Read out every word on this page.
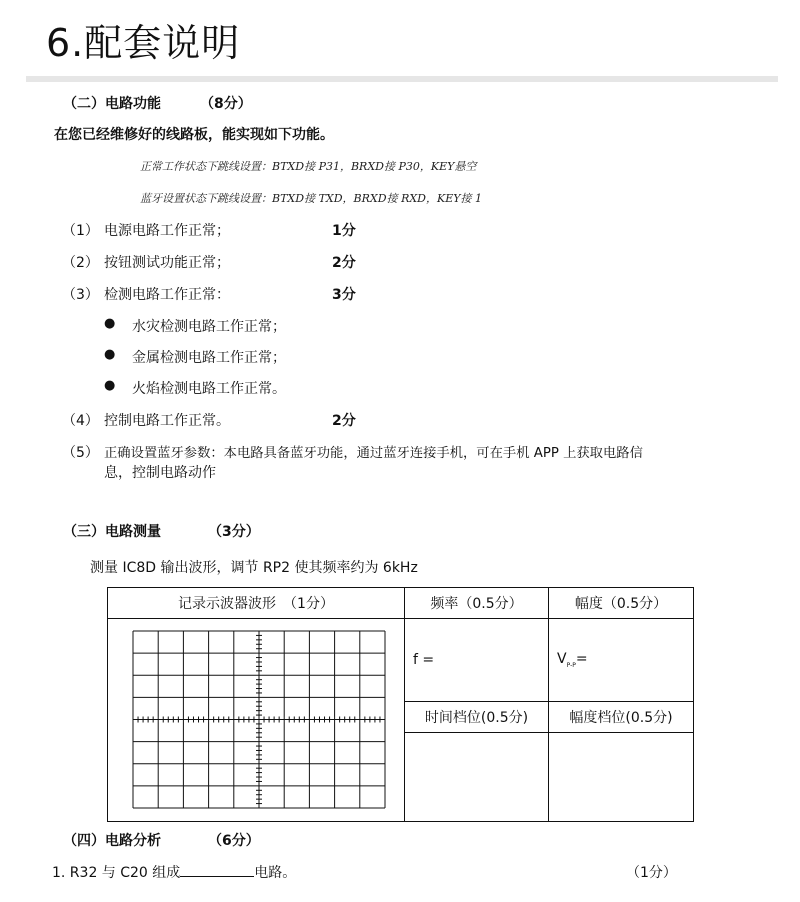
6.配套说明
（二）电路功能	（8分）
在您已经维修好的线路板，能实现如下功能。
正常工作状态下跳线设置：BTXD接 P31，BRXD接 P30，KEY悬空
蓝牙设置状态下跳线设置：BTXD接 TXD，BRXD接 RXD，KEY接 1
（1） 电源电路工作正常；	1分
（2） 按钮测试功能正常；	2分
（3） 检测电路工作正常：	3分
● 水灾检测电路工作正常；
● 金属检测电路工作正常；
● 火焰检测电路工作正常。
（4） 控制电路工作正常。	2分
（5） 正确设置蓝牙参数：本电路具备蓝牙功能，通过蓝牙连接手机，可在手机 APP 上获取电路信
息，控制电路动作
（三）电路测量	（3分）
测量 IC8D 输出波形，调节 RP2 使其频率约为 6kHz
记录示波器波形　（1分）	频率（0.5分）	幅度（0.5分）
	f =	$V_{P-P}=$
	时间档位(0.5分)	幅度档位(0.5分)

（四）电路分析	（6分）
1. R32 与 C20 组成	电路。	（1分）
